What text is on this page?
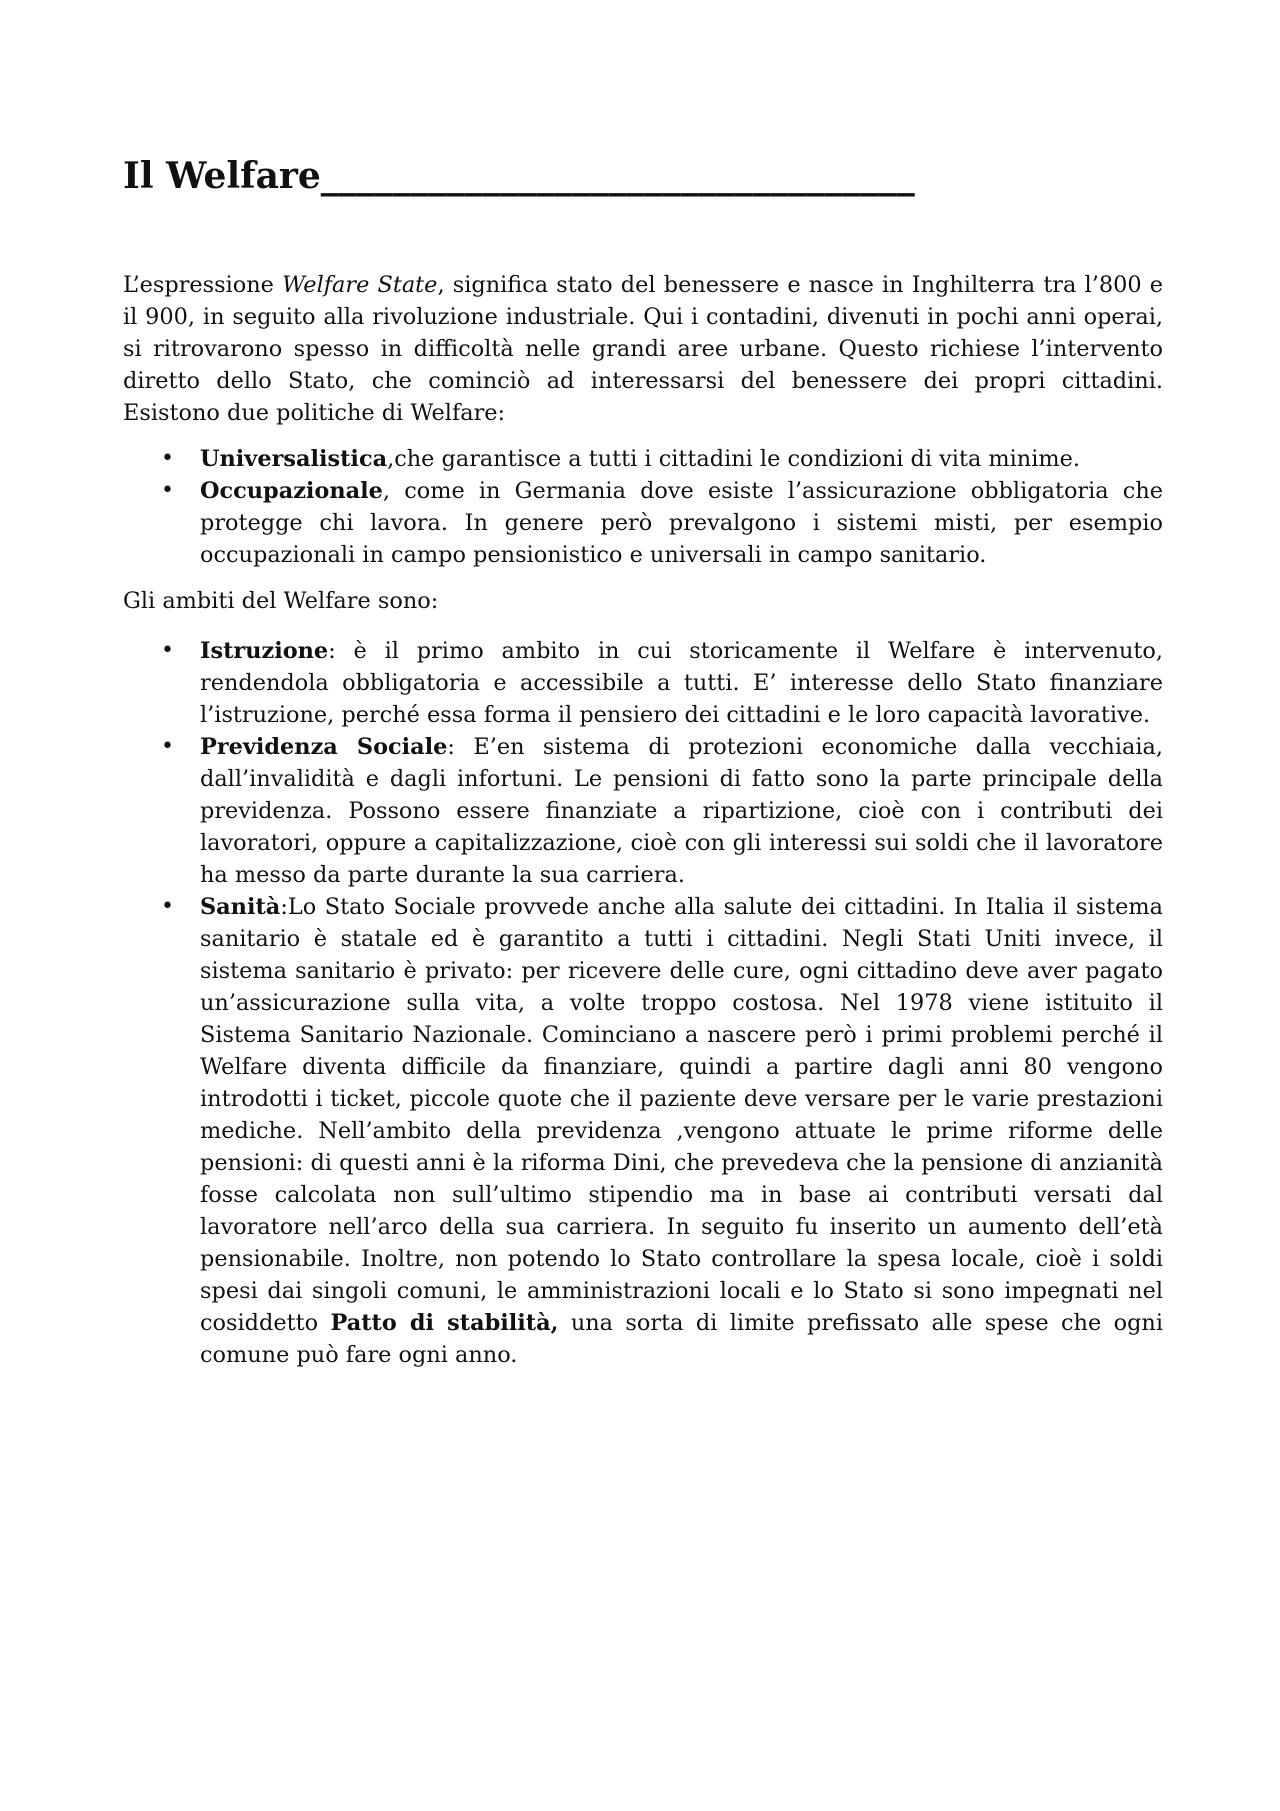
Il Welfare_________________________________

L’espressione Welfare State, significa stato del benessere e nasce in Inghilterra tra l’800 e il 900, in seguito alla rivoluzione industriale. Qui i contadini, divenuti in pochi anni operai, si ritrovarono spesso in difficoltà nelle grandi aree urbane. Questo richiese l’intervento diretto dello Stato, che cominciò ad interessarsi del benessere dei propri cittadini. Esistono due politiche di Welfare:

• Universalistica,che garantisce a tutti i cittadini le condizioni di vita minime.
• Occupazionale, come in Germania dove esiste l’assicurazione obbligatoria che protegge chi lavora. In genere però prevalgono i sistemi misti, per esempio occupazionali in campo pensionistico e universali in campo sanitario.

Gli ambiti del Welfare sono:

• Istruzione: è il primo ambito in cui storicamente il Welfare è intervenuto, rendendola obbligatoria e accessibile a tutti. E’ interesse dello Stato finanziare l’istruzione, perché essa forma il pensiero dei cittadini e le loro capacità lavorative.
• Previdenza Sociale: E’en sistema di protezioni economiche dalla vecchiaia, dall’invalidità e dagli infortuni. Le pensioni di fatto sono la parte principale della previdenza. Possono essere finanziate a ripartizione, cioè con i contributi dei lavoratori, oppure a capitalizzazione, cioè con gli interessi sui soldi che il lavoratore ha messo da parte durante la sua carriera.
• Sanità:Lo Stato Sociale provvede anche alla salute dei cittadini. In Italia il sistema sanitario è statale ed è garantito a tutti i cittadini. Negli Stati Uniti invece, il sistema sanitario è privato: per ricevere delle cure, ogni cittadino deve aver pagato un’assicurazione sulla vita, a volte troppo costosa. Nel 1978 viene istituito il Sistema Sanitario Nazionale. Cominciano a nascere però i primi problemi perché il Welfare diventa difficile da finanziare, quindi a partire dagli anni 80 vengono introdotti i ticket, piccole quote che il paziente deve versare per le varie prestazioni mediche. Nell’ambito della previdenza ,vengono attuate le prime riforme delle pensioni: di questi anni è la riforma Dini, che prevedeva che la pensione di anzianità fosse calcolata non sull’ultimo stipendio ma in base ai contributi versati dal lavoratore nell’arco della sua carriera. In seguito fu inserito un aumento dell’età pensionabile. Inoltre, non potendo lo Stato controllare la spesa locale, cioè i soldi spesi dai singoli comuni, le amministrazioni locali e lo Stato si sono impegnati nel cosiddetto Patto di stabilità, una sorta di limite prefissato alle spese che ogni comune può fare ogni anno.
